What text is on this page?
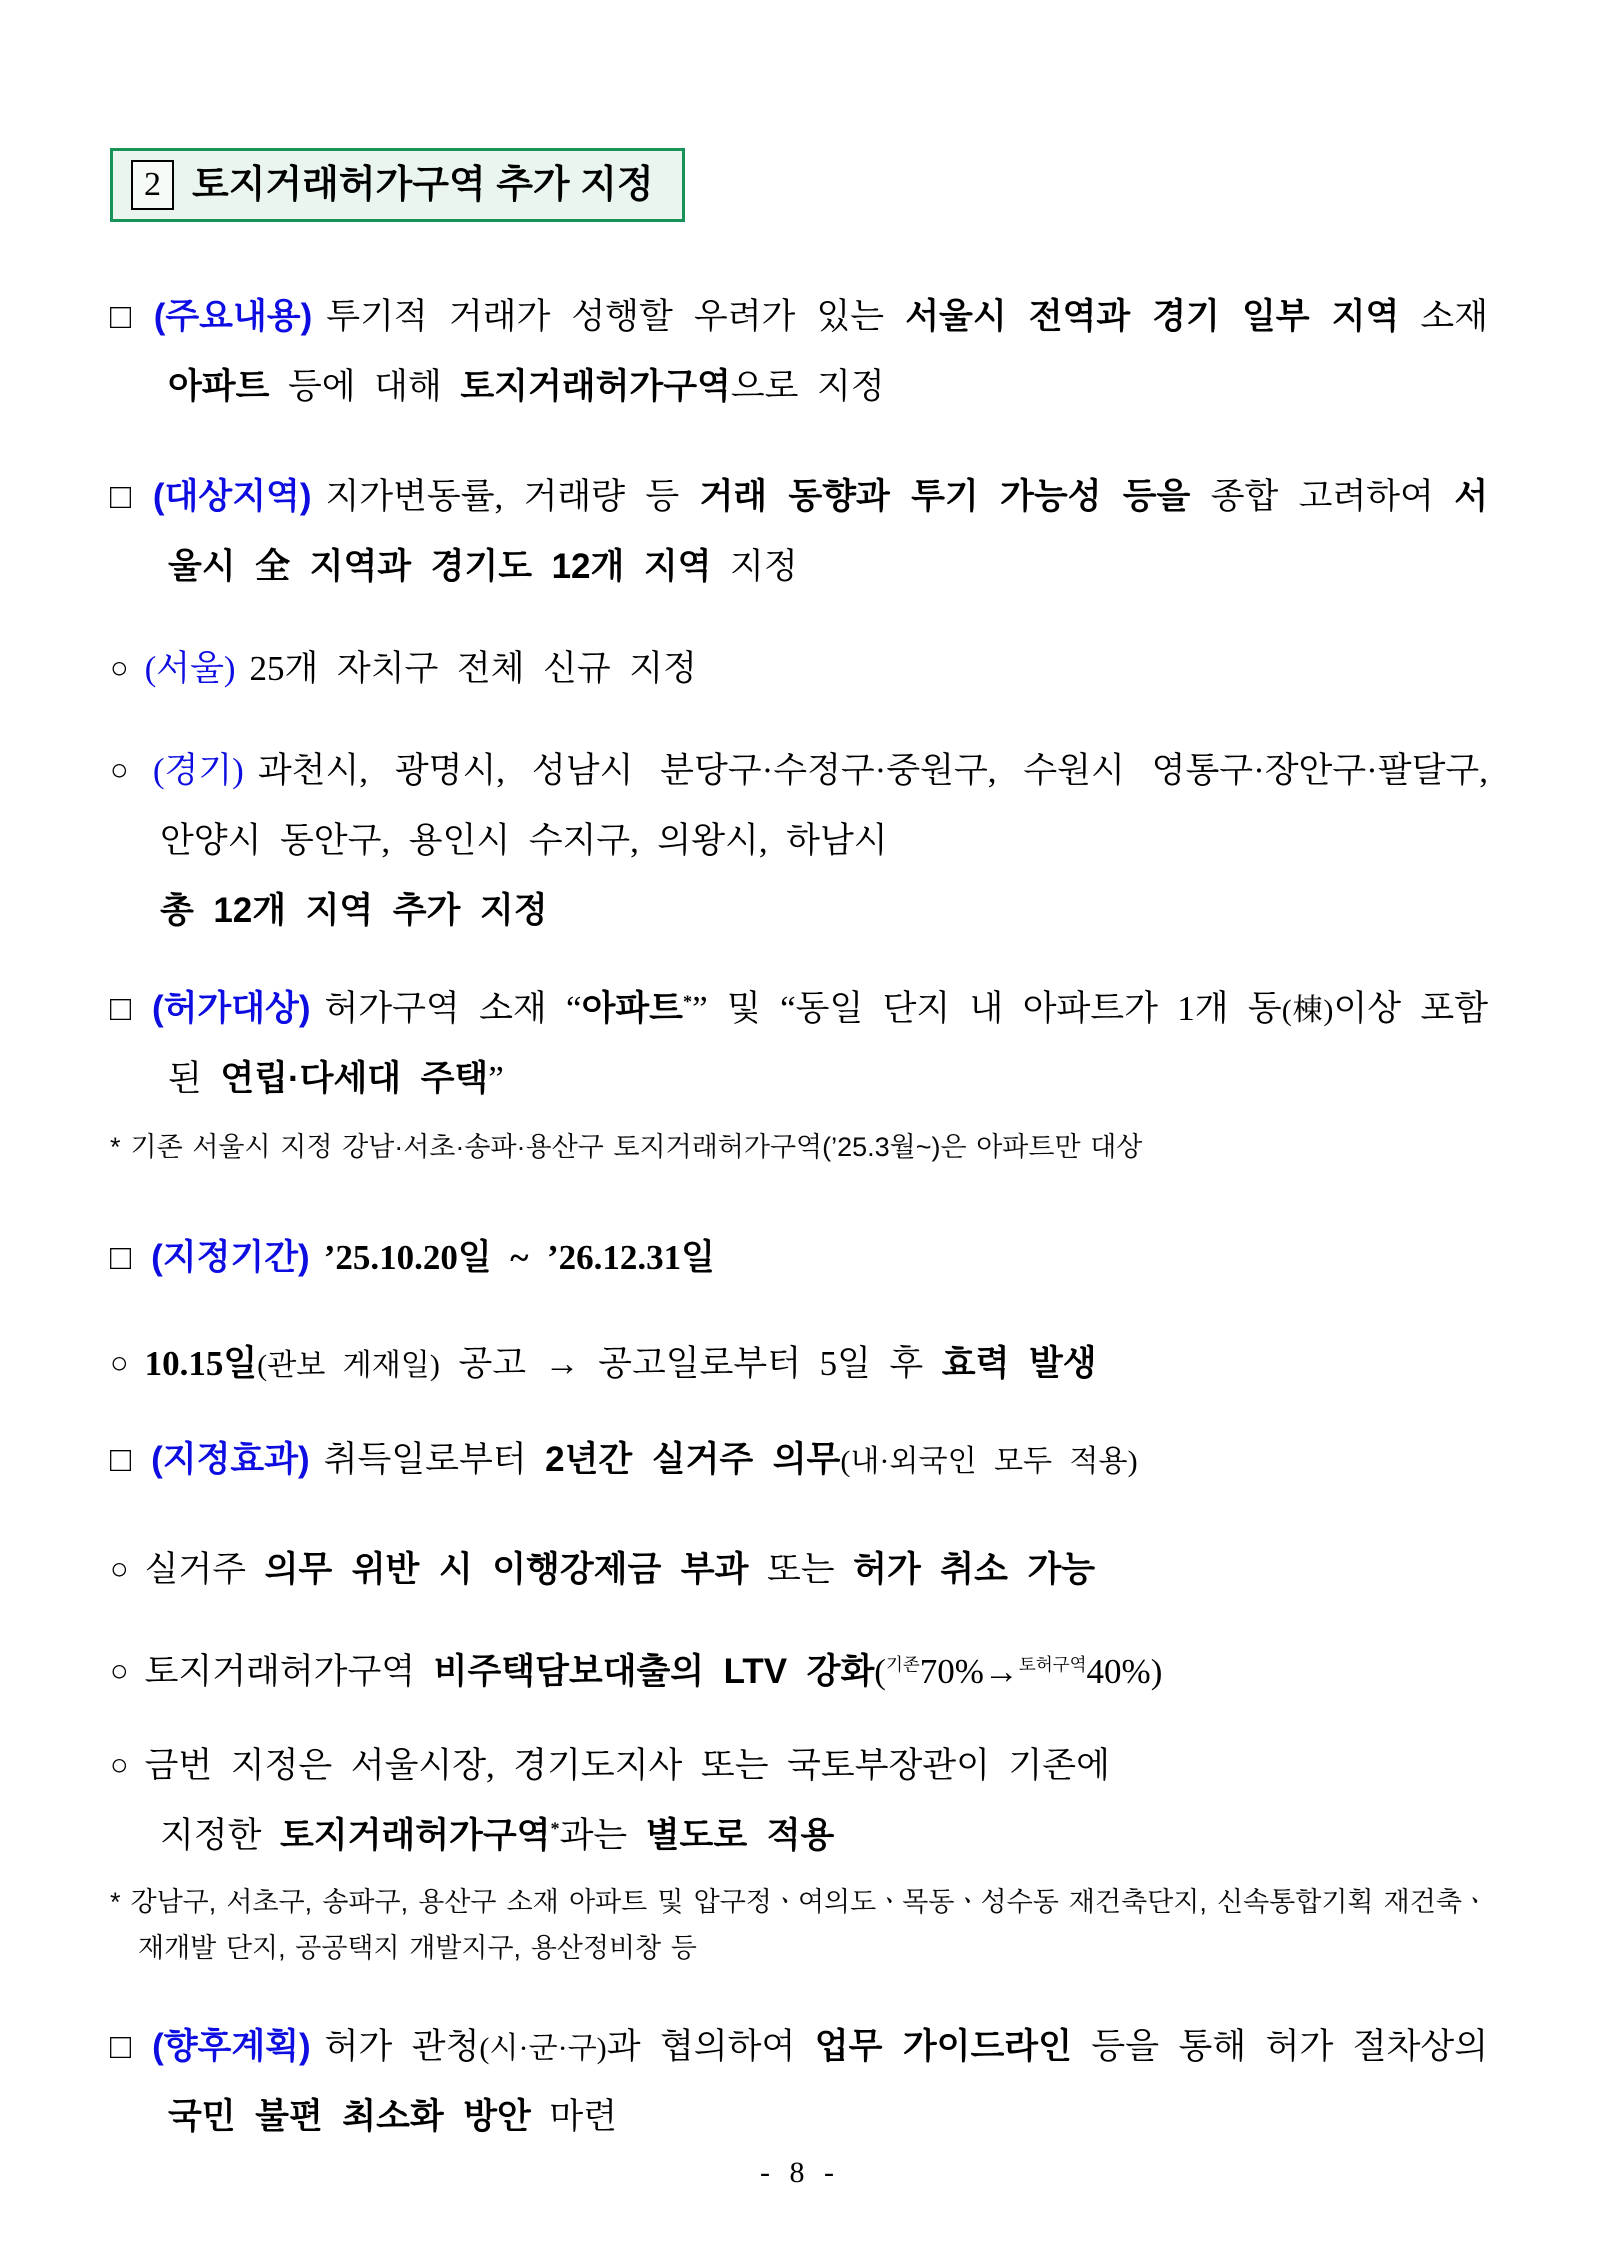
2 토지거래허가구역 추가 지정

□ (주요내용) 투기적 거래가 성행할 우려가 있는 서울시 전역과 경기 일부 지역 소재 아파트 등에 대해 토지거래허가구역으로 지정

□ (대상지역) 지가변동률, 거래량 등 거래 동향과 투기 가능성 등을 종합 고려하여 서울시 全 지역과 경기도 12개 지역 지정

○ (서울) 25개 자치구 전체 신규 지정

○ (경기) 과천시, 광명시, 성남시 분당구·수정구·중원구, 수원시 영통구·장안구·팔달구, 안양시 동안구, 용인시 수지구, 의왕시, 하남시
총 12개 지역 추가 지정

□ (허가대상) 허가구역 소재 “아파트*” 및 “동일 단지 내 아파트가 1개 동(棟)이상 포함된 연립·다세대 주택”

* 기존 서울시 지정 강남·서초·송파·용산구 토지거래허가구역(’25.3월~)은 아파트만 대상

□ (지정기간) ’25.10.20일 ~ ’26.12.31일

○ 10.15일(관보 게재일) 공고 → 공고일로부터 5일 후 효력 발생

□ (지정효과) 취득일로부터 2년간 실거주 의무(내·외국인 모두 적용)

○ 실거주 의무 위반 시 이행강제금 부과 또는 허가 취소 가능

○ 토지거래허가구역 비주택담보대출의 LTV 강화($^{기존}$70%→$^{토허구역}$40%)

○ 금번 지정은 서울시장, 경기도지사 또는 국토부장관이 기존에
지정한 토지거래허가구역*과는 별도로 적용

* 강남구, 서초구, 송파구, 용산구 소재 아파트 및 압구정ㆍ여의도ㆍ목동ㆍ성수동 재건축단지, 신속통합기획 재건축ㆍ재개발 단지, 공공택지 개발지구, 용산정비창 등

□ (향후계획) 허가 관청(시·군·구)과 협의하여 업무 가이드라인 등을 통해 허가 절차상의 국민 불편 최소화 방안 마련

- 8 -
